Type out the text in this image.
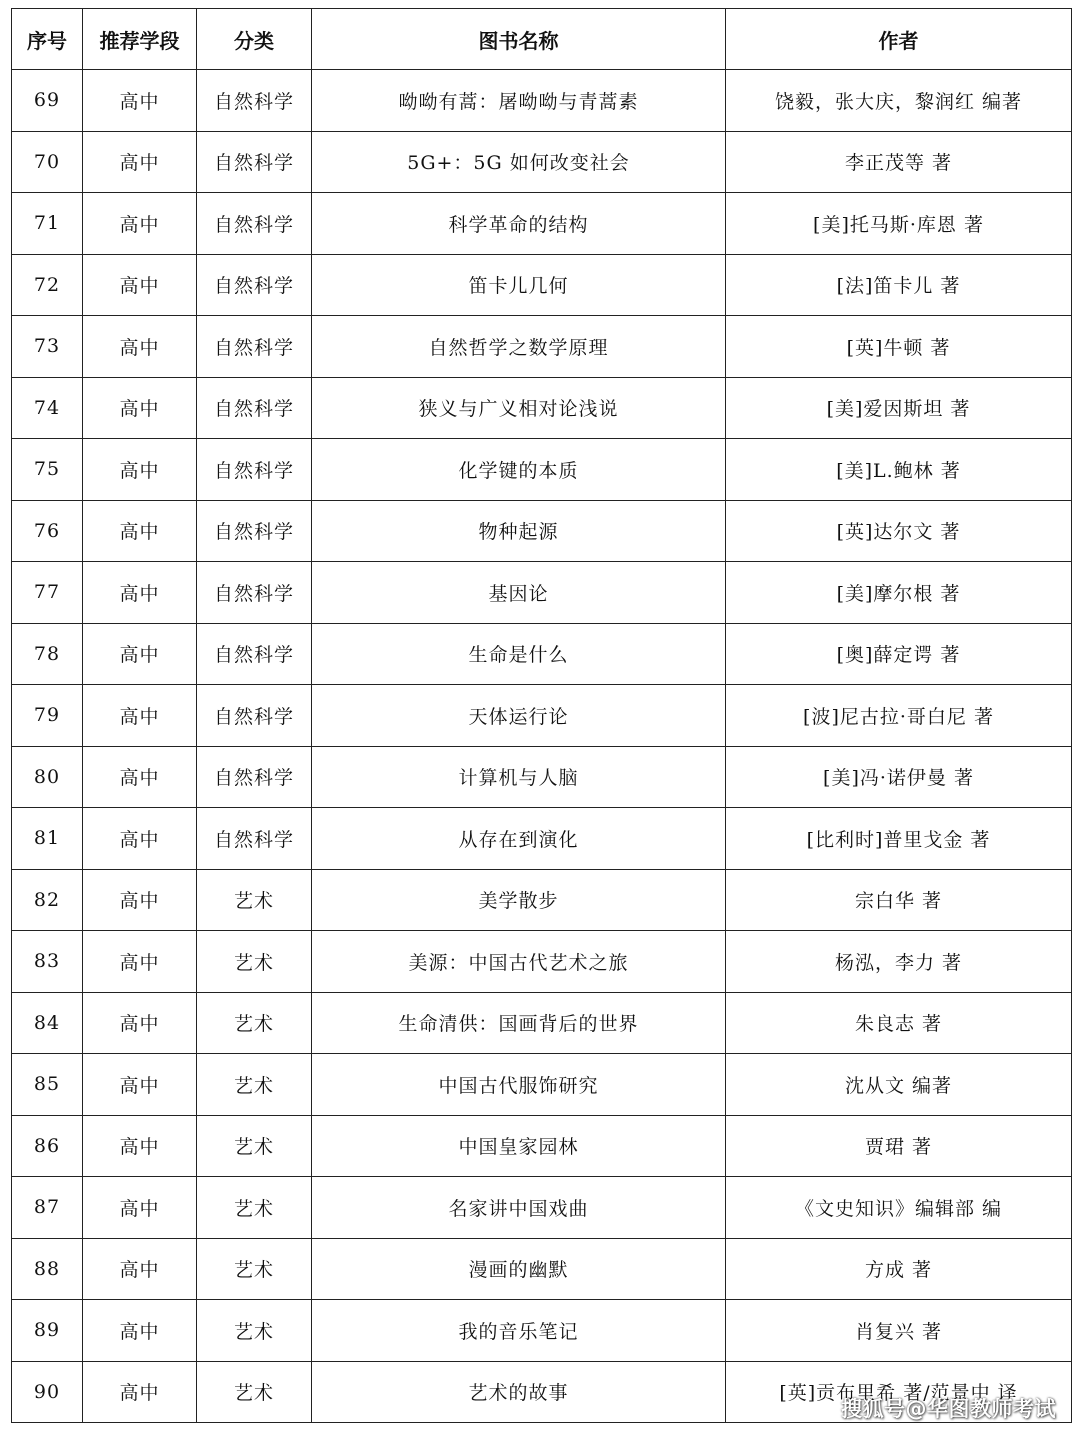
序号	推荐学段	分类	图书名称	作者
69	高中	自然科学	呦呦有蒿：屠呦呦与青蒿素	饶毅，张大庆，黎润红 编著
70	高中	自然科学	5G+：5G 如何改变社会	李正茂等 著
71	高中	自然科学	科学革命的结构	[美]托马斯·库恩 著
72	高中	自然科学	笛卡儿几何	[法]笛卡儿 著
73	高中	自然科学	自然哲学之数学原理	[英]牛顿 著
74	高中	自然科学	狭义与广义相对论浅说	[美]爱因斯坦 著
75	高中	自然科学	化学键的本质	[美]L.鲍林 著
76	高中	自然科学	物种起源	[英]达尔文 著
77	高中	自然科学	基因论	[美]摩尔根 著
78	高中	自然科学	生命是什么	[奥]薛定谔 著
79	高中	自然科学	天体运行论	[波]尼古拉·哥白尼 著
80	高中	自然科学	计算机与人脑	[美]冯·诺伊曼 著
81	高中	自然科学	从存在到演化	[比利时]普里戈金 著
82	高中	艺术	美学散步	宗白华 著
83	高中	艺术	美源：中国古代艺术之旅	杨泓，李力 著
84	高中	艺术	生命清供：国画背后的世界	朱良志 著
85	高中	艺术	中国古代服饰研究	沈从文 编著
86	高中	艺术	中国皇家园林	贾珺 著
87	高中	艺术	名家讲中国戏曲	《文史知识》编辑部 编
88	高中	艺术	漫画的幽默	方成 著
89	高中	艺术	我的音乐笔记	肖复兴 著
90	高中	艺术	艺术的故事	[英]贡布里希 著/范景中 译
搜狐号@华图教师考试
